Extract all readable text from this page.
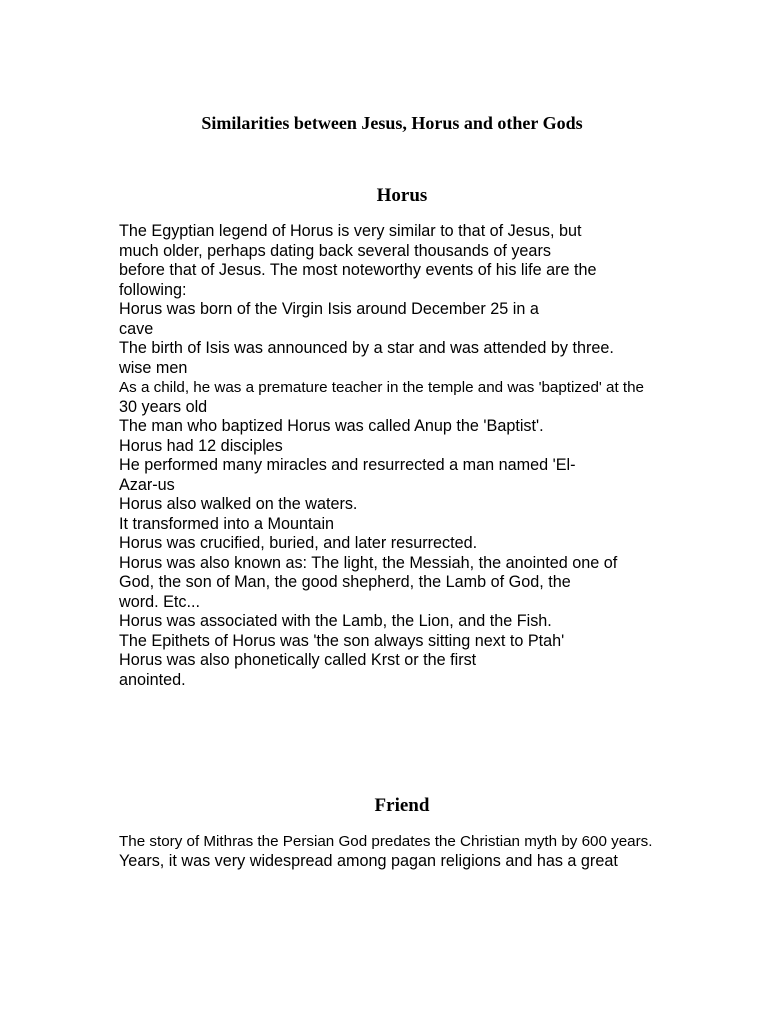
Similarities between Jesus, Horus and other Gods
Horus
The Egyptian legend of Horus is very similar to that of Jesus, but
much older, perhaps dating back several thousands of years
before that of Jesus. The most noteworthy events of his life are the
following:
Horus was born of the Virgin Isis around December 25 in a
cave
The birth of Isis was announced by a star and was attended by three.
wise men
As a child, he was a premature teacher in the temple and was 'baptized' at the
30 years old
The man who baptized Horus was called Anup the 'Baptist'.
Horus had 12 disciples
He performed many miracles and resurrected a man named 'El-
Azar-us
Horus also walked on the waters.
It transformed into a Mountain
Horus was crucified, buried, and later resurrected.
Horus was also known as: The light, the Messiah, the anointed one of
God, the son of Man, the good shepherd, the Lamb of God, the
word. Etc...
Horus was associated with the Lamb, the Lion, and the Fish.
The Epithets of Horus was 'the son always sitting next to Ptah'
Horus was also phonetically called Krst or the first
anointed.
Friend
The story of Mithras the Persian God predates the Christian myth by 600 years.
Years, it was very widespread among pagan religions and has a great
